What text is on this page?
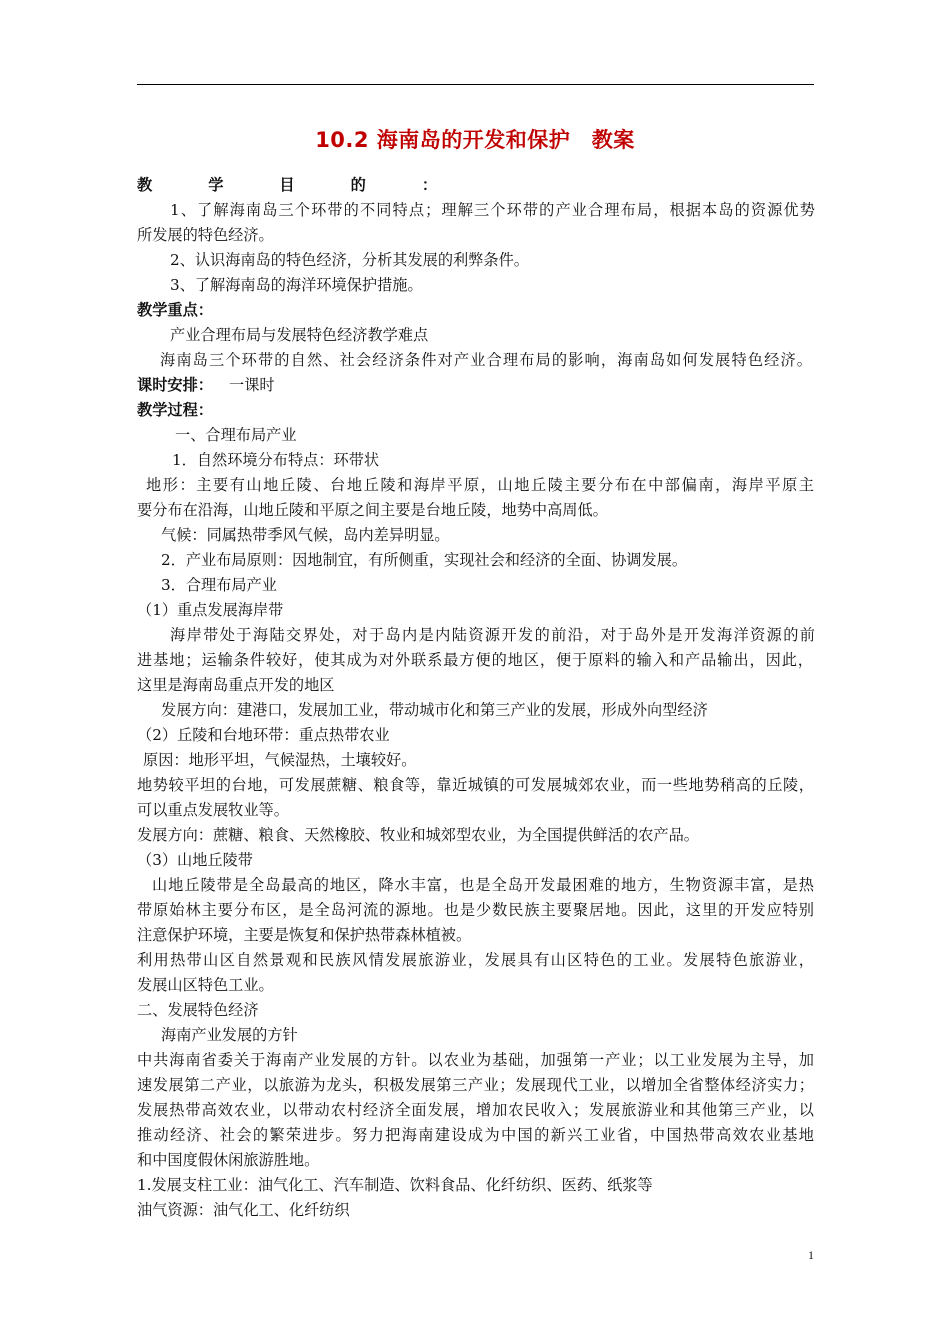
10.2 海南岛的开发和保护　教案
教学目的：
1、了解海南岛三个环带的不同特点；理解三个环带的产业合理布局，根据本岛的资源优势
所发展的特色经济。
2、认识海南岛的特色经济，分析其发展的利弊条件。
3、了解海南岛的海洋环境保护措施。
教学重点：
产业合理布局与发展特色经济教学难点
海南岛三个环带的自然、社会经济条件对产业合理布局的影响，海南岛如何发展特色经济。
课时安排： 一课时
教学过程：
一、合理布局产业
1．自然环境分布特点：环带状
地形：主要有山地丘陵、台地丘陵和海岸平原，山地丘陵主要分布在中部偏南，海岸平原主
要分布在沿海，山地丘陵和平原之间主要是台地丘陵，地势中高周低。
气候：同属热带季风气候，岛内差异明显。
2．产业布局原则：因地制宜，有所侧重，实现社会和经济的全面、协调发展。
3．合理布局产业
（1）重点发展海岸带
海岸带处于海陆交界处，对于岛内是内陆资源开发的前沿，对于岛外是开发海洋资源的前
进基地；运输条件较好，使其成为对外联系最方便的地区，便于原料的输入和产品输出，因此，
这里是海南岛重点开发的地区
发展方向：建港口，发展加工业，带动城市化和第三产业的发展，形成外向型经济
（2）丘陵和台地环带：重点热带农业
原因：地形平坦，气候湿热，土壤较好。
地势较平坦的台地，可发展蔗糖、粮食等，靠近城镇的可发展城郊农业，而一些地势稍高的丘陵，
可以重点发展牧业等。
发展方向：蔗糖、粮食、天然橡胶、牧业和城郊型农业，为全国提供鲜活的农产品。
（3）山地丘陵带
山地丘陵带是全岛最高的地区，降水丰富，也是全岛开发最困难的地方，生物资源丰富，是热
带原始林主要分布区，是全岛河流的源地。也是少数民族主要聚居地。因此，这里的开发应特别
注意保护环境，主要是恢复和保护热带森林植被。
利用热带山区自然景观和民族风情发展旅游业，发展具有山区特色的工业。发展特色旅游业，
发展山区特色工业。
二、发展特色经济
海南产业发展的方针
中共海南省委关于海南产业发展的方针。以农业为基础，加强第一产业；以工业发展为主导，加
速发展第二产业，以旅游为龙头，积极发展第三产业；发展现代工业，以增加全省整体经济实力；
发展热带高效农业，以带动农村经济全面发展，增加农民收入；发展旅游业和其他第三产业，以
推动经济、社会的繁荣进步。努力把海南建设成为中国的新兴工业省，中国热带高效农业基地
和中国度假休闲旅游胜地。
1.发展支柱工业：油气化工、汽车制造、饮料食品、化纤纺织、医药、纸浆等
油气资源：油气化工、化纤纺织
1
